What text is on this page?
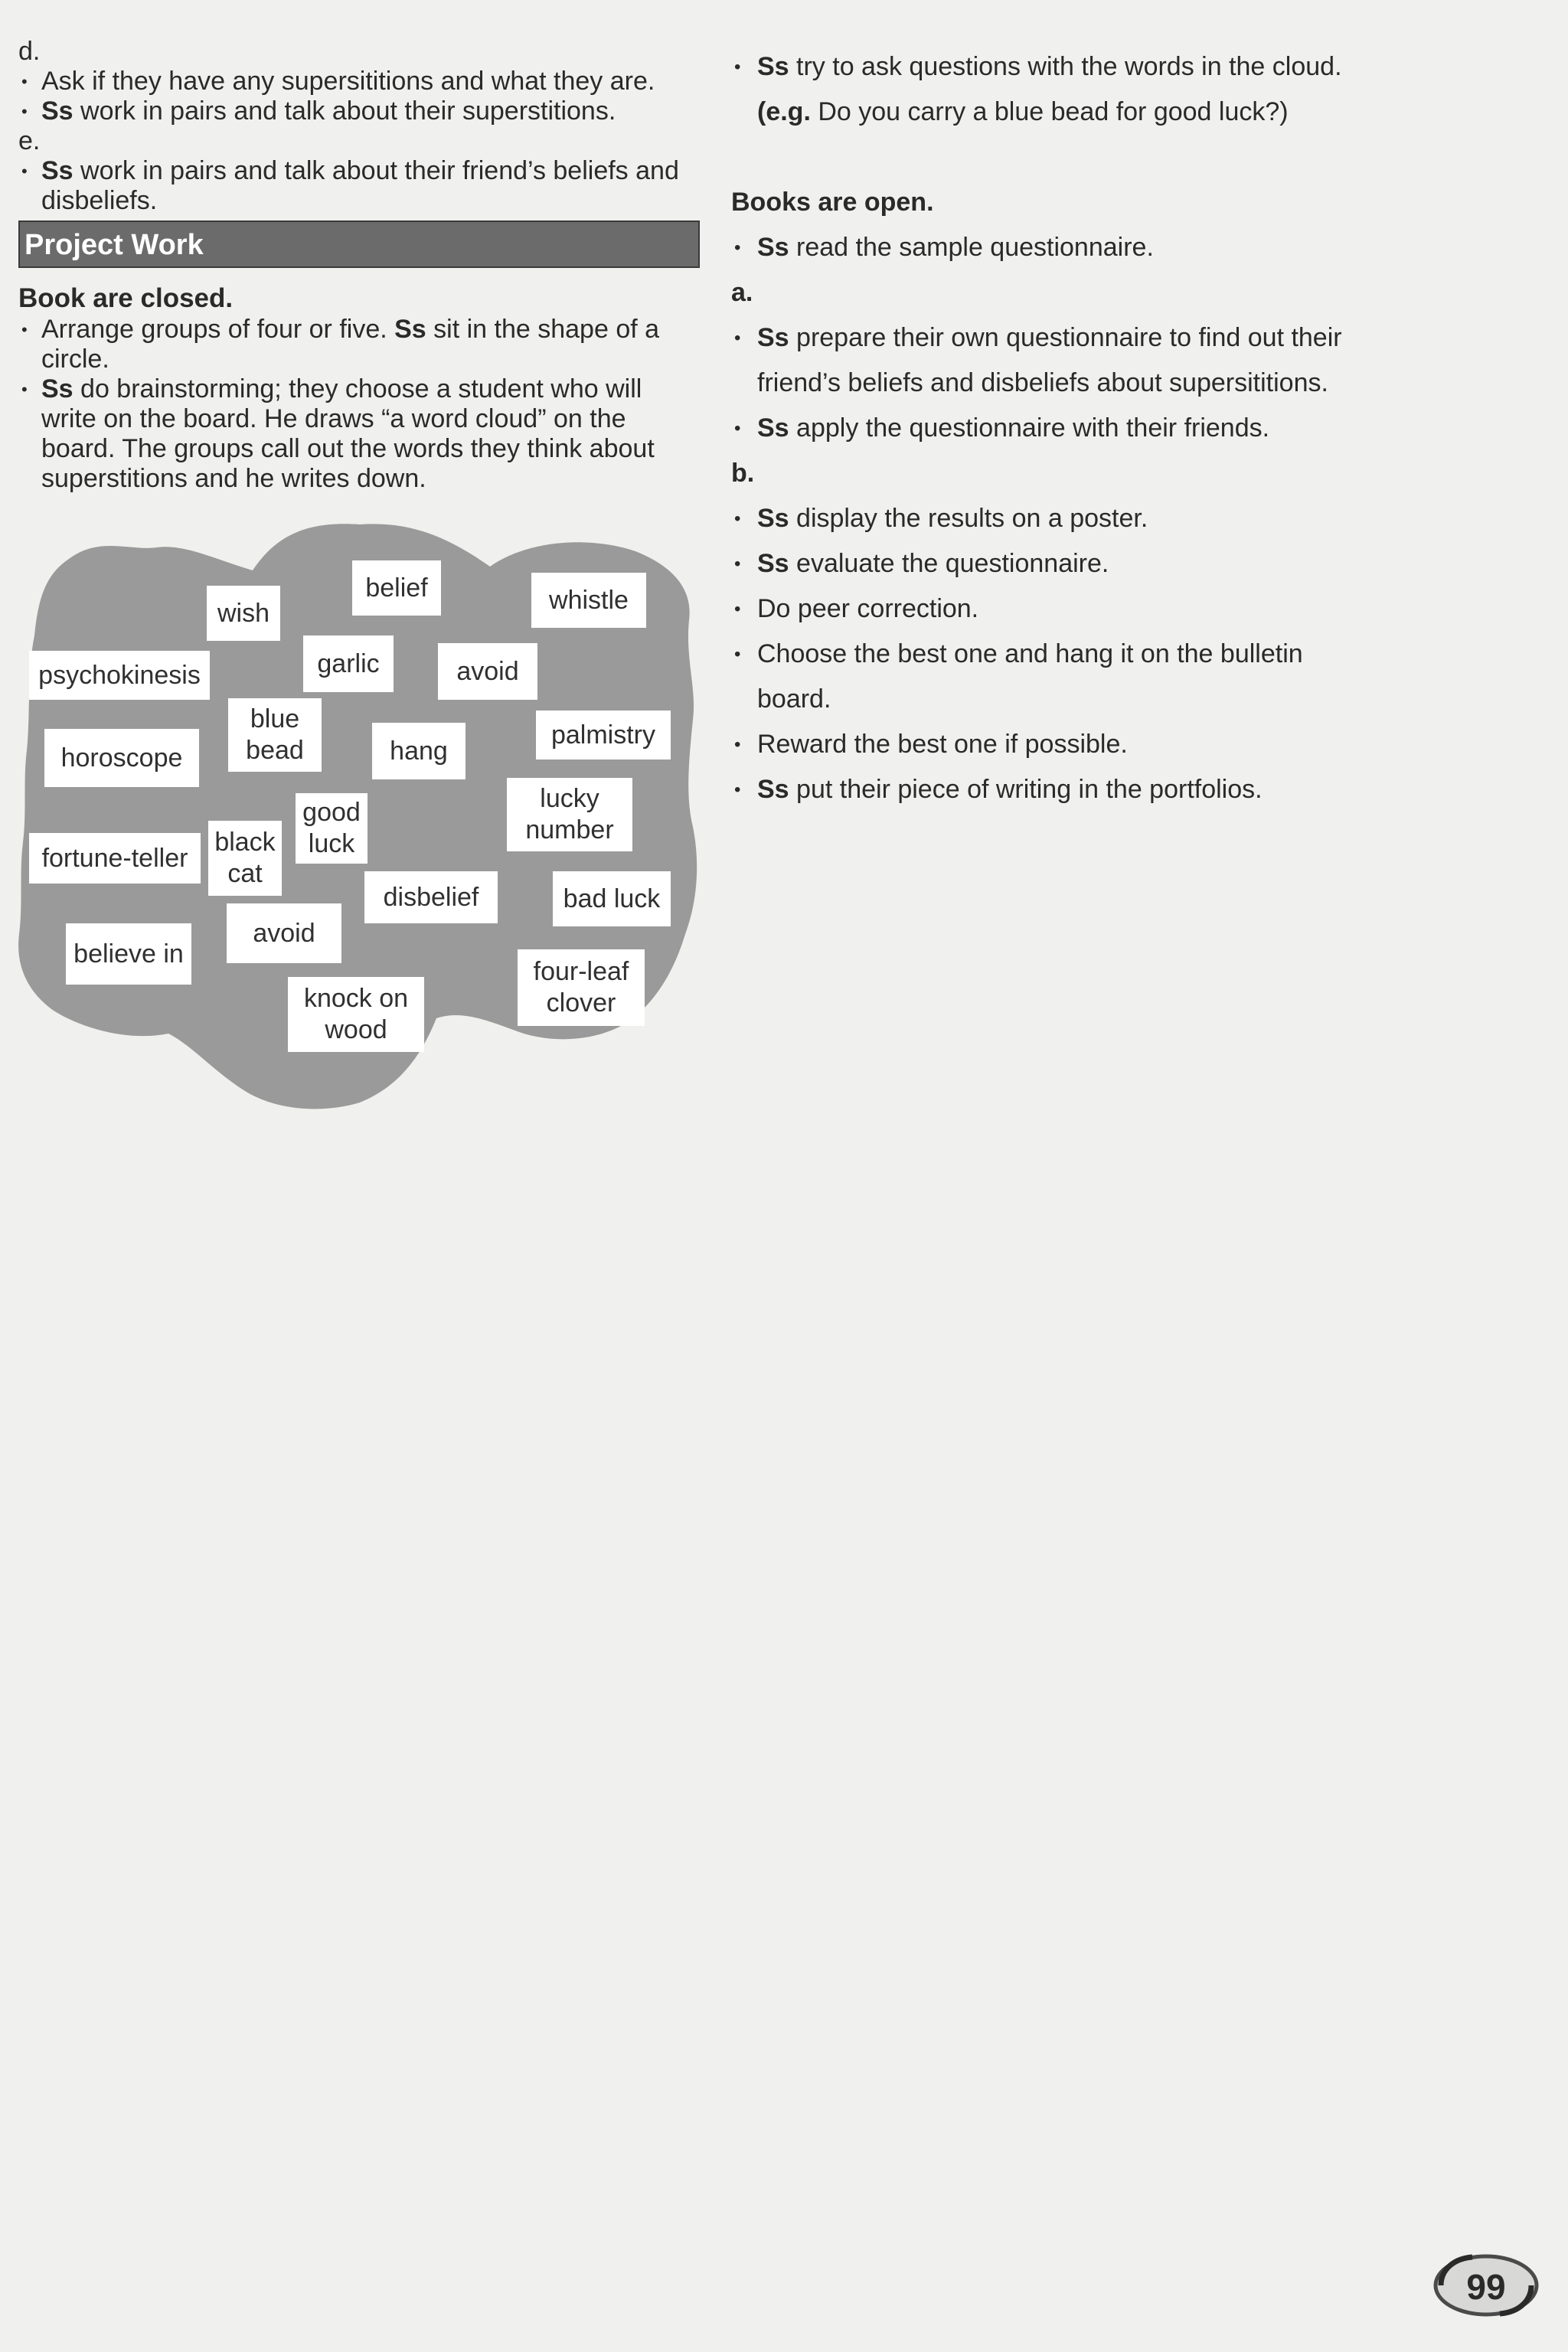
d.
• Ask if they have any supersititions and what they are.
• Ss work in pairs and talk about their superstitions.
e.
• Ss work in pairs and talk about their friend’s beliefs and disbeliefs.
Project Work
Book are closed.
• Arrange groups of four or five. Ss sit in the shape of a circle.
• Ss do brainstorming; they choose a student who will write on the board. He draws “a word cloud” on the board. The groups call out the words they think about superstitions and he writes down.
wish
belief	whistle
psychokinesis	garlic	avoid
blue bead
horoscope	hang
palmistry
good luck
lucky number
fortune-teller
black cat
disbelief	bad luck
avoid
believe in
knock on wood
four-leaf clover
• Ss try to ask questions with the words in the cloud.
(e.g. Do you carry a blue bead for good luck?)
Books are open.
• Ss read the sample questionnaire.
a.
• Ss prepare their own questionnaire to find out their
friend’s beliefs and disbeliefs about supersititions.
• Ss apply the questionnaire with their friends.
b.
• Ss display the results on a poster.
• Ss evaluate the questionnaire.
• Do peer correction.
• Choose the best one and hang it on the bulletin
board.
• Reward the best one if possible.
• Ss put their piece of writing in the portfolios.
99
